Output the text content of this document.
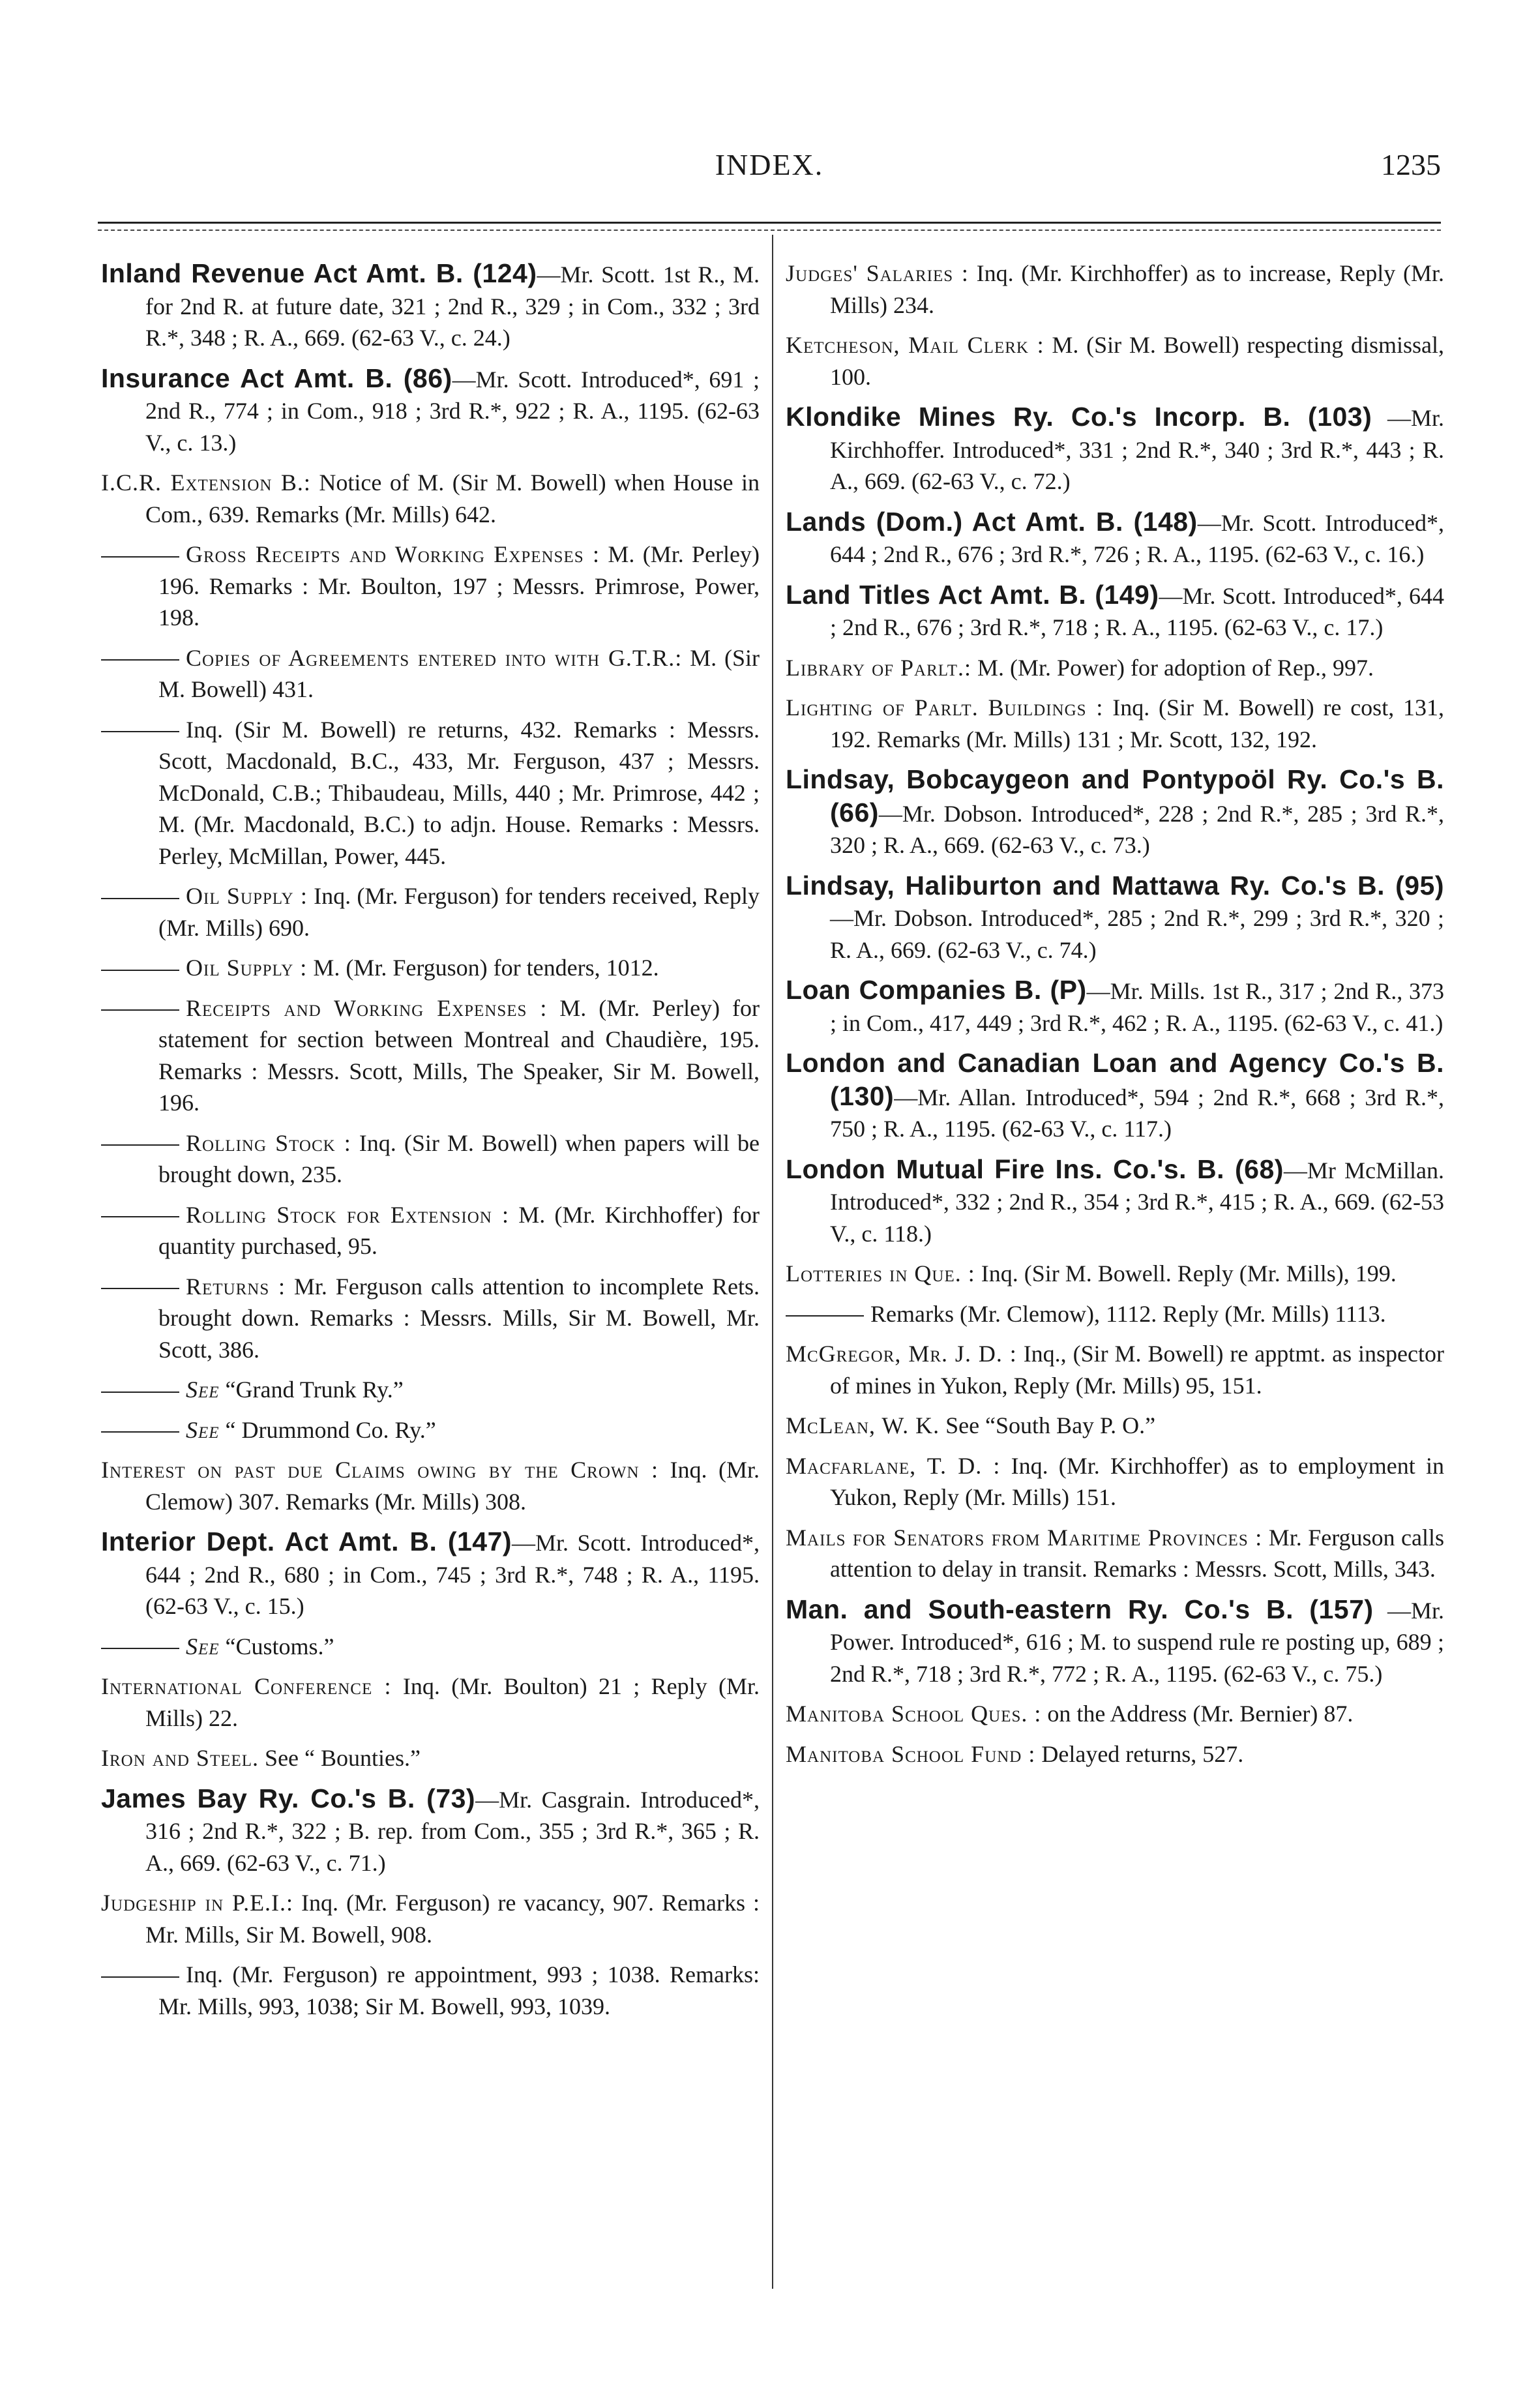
INDEX.	1235
Inland Revenue Act Amt. B. (124)—Mr. Scott. 1st R., M. for 2nd R. at future date, 321 ; 2nd R., 329 ; in Com., 332 ; 3rd R.*, 348 ; R. A., 669. (62-63 V., c. 24.)
Insurance Act Amt. B. (86)—Mr. Scott. Introduced*, 691 ; 2nd R., 774 ; in Com., 918 ; 3rd R.*, 922 ; R. A., 1195. (62-63 V., c. 13.)
I.C.R. Extension B.: Notice of M. (Sir M. Bowell) when House in Com., 639. Remarks (Mr. Mills) 642.
Gross Receipts and Working Expenses : M. (Mr. Perley) 196. Remarks : Mr. Boulton, 197 ; Messrs. Primrose, Power, 198.
Copies of Agreements entered into with G.T.R.: M. (Sir M. Bowell) 431.
Inq. (Sir M. Bowell) re returns, 432. Remarks : Messrs. Scott, Macdonald, B.C., 433, Mr. Ferguson, 437 ; Messrs. McDonald, C.B.; Thibaudeau, Mills, 440 ; Mr. Primrose, 442 ; M. (Mr. Macdonald, B.C.) to adjn. House. Remarks : Messrs. Perley, McMillan, Power, 445.
Oil Supply : Inq. (Mr. Ferguson) for tenders received, Reply (Mr. Mills) 690.
Oil Supply : M. (Mr. Ferguson) for tenders, 1012.
Receipts and Working Expenses : M. (Mr. Perley) for statement for section between Montreal and Chaudière, 195. Remarks : Messrs. Scott, Mills, The Speaker, Sir M. Bowell, 196.
Rolling Stock : Inq. (Sir M. Bowell) when papers will be brought down, 235.
Rolling Stock for Extension : M. (Mr. Kirchhoffer) for quantity purchased, 95.
Returns : Mr. Ferguson calls attention to incomplete Rets. brought down. Remarks : Messrs. Mills, Sir M. Bowell, Mr. Scott, 386.
See “Grand Trunk Ry.”
See “ Drummond Co. Ry.”
Interest on past due Claims owing by the Crown : Inq. (Mr. Clemow) 307. Remarks (Mr. Mills) 308.
Interior Dept. Act Amt. B. (147)—Mr. Scott. Introduced*, 644 ; 2nd R., 680 ; in Com., 745 ; 3rd R.*, 748 ; R. A., 1195. (62-63 V., c. 15.)
See “Customs.”
International Conference : Inq. (Mr. Boulton) 21 ; Reply (Mr. Mills) 22.
Iron and Steel. See “ Bounties.”
James Bay Ry. Co.'s B. (73)—Mr. Casgrain. Introduced*, 316 ; 2nd R.*, 322 ; B. rep. from Com., 355 ; 3rd R.*, 365 ; R. A., 669. (62-63 V., c. 71.)
Judgeship in P.E.I.: Inq. (Mr. Ferguson) re vacancy, 907. Remarks : Mr. Mills, Sir M. Bowell, 908.
Inq. (Mr. Ferguson) re appointment, 993 ; 1038. Remarks: Mr. Mills, 993, 1038; Sir M. Bowell, 993, 1039.
Judges' Salaries : Inq. (Mr. Kirchhoffer) as to increase, Reply (Mr. Mills) 234.
Ketcheson, Mail Clerk : M. (Sir M. Bowell) respecting dismissal, 100.
Klondike Mines Ry. Co.'s Incorp. B. (103) —Mr. Kirchhoffer. Introduced*, 331 ; 2nd R.*, 340 ; 3rd R.*, 443 ; R. A., 669. (62-63 V., c. 72.)
Lands (Dom.) Act Amt. B. (148)—Mr. Scott. Introduced*, 644 ; 2nd R., 676 ; 3rd R.*, 726 ; R. A., 1195. (62-63 V., c. 16.)
Land Titles Act Amt. B. (149)—Mr. Scott. Introduced*, 644 ; 2nd R., 676 ; 3rd R.*, 718 ; R. A., 1195. (62-63 V., c. 17.)
Library of Parlt.: M. (Mr. Power) for adoption of Rep., 997.
Lighting of Parlt. Buildings : Inq. (Sir M. Bowell) re cost, 131, 192. Remarks (Mr. Mills) 131 ; Mr. Scott, 132, 192.
Lindsay, Bobcaygeon and Pontypoöl Ry. Co.'s B. (66)—Mr. Dobson. Introduced*, 228 ; 2nd R.*, 285 ; 3rd R.*, 320 ; R. A., 669. (62-63 V., c. 73.)
Lindsay, Haliburton and Mattawa Ry. Co.'s B. (95)—Mr. Dobson. Introduced*, 285 ; 2nd R.*, 299 ; 3rd R.*, 320 ; R. A., 669. (62-63 V., c. 74.)
Loan Companies B. (P)—Mr. Mills. 1st R., 317 ; 2nd R., 373 ; in Com., 417, 449 ; 3rd R.*, 462 ; R. A., 1195. (62-63 V., c. 41.)
London and Canadian Loan and Agency Co.'s B. (130)—Mr. Allan. Introduced*, 594 ; 2nd R.*, 668 ; 3rd R.*, 750 ; R. A., 1195. (62-63 V., c. 117.)
London Mutual Fire Ins. Co.'s. B. (68)—Mr McMillan. Introduced*, 332 ; 2nd R., 354 ; 3rd R.*, 415 ; R. A., 669. (62-53 V., c. 118.)
Lotteries in Que. : Inq. (Sir M. Bowell. Reply (Mr. Mills), 199.
Remarks (Mr. Clemow), 1112. Reply (Mr. Mills) 1113.
McGregor, Mr. J. D. : Inq., (Sir M. Bowell) re apptmt. as inspector of mines in Yukon, Reply (Mr. Mills) 95, 151.
McLean, W. K. See “South Bay P. O.”
Macfarlane, T. D. : Inq. (Mr. Kirchhoffer) as to employment in Yukon, Reply (Mr. Mills) 151.
Mails for Senators from Maritime Provinces : Mr. Ferguson calls attention to delay in transit. Remarks : Messrs. Scott, Mills, 343.
Man. and South-eastern Ry. Co.'s B. (157) —Mr. Power. Introduced*, 616 ; M. to suspend rule re posting up, 689 ; 2nd R.*, 718 ; 3rd R.*, 772 ; R. A., 1195. (62-63 V., c. 75.)
Manitoba School Ques. : on the Address (Mr. Bernier) 87.
Manitoba School Fund : Delayed returns, 527.
